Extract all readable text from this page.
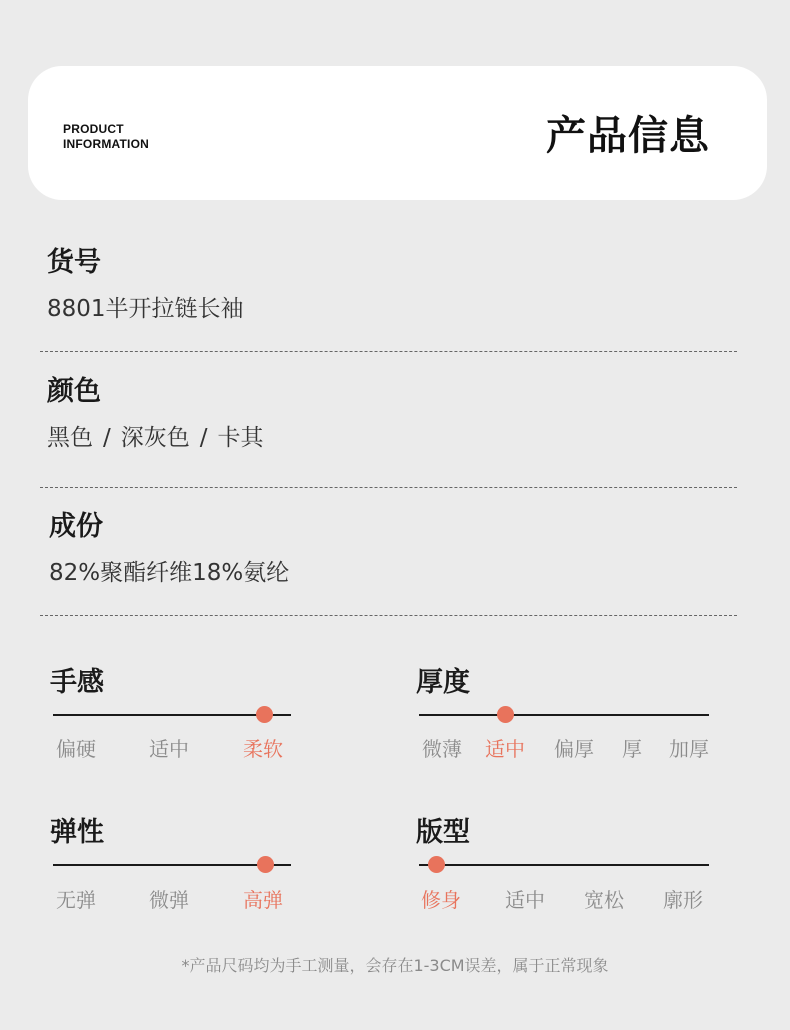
PRODUCT
INFORMATION	产品信息
货号
8801半开拉链长袖
颜色
黑色 / 深灰色 / 卡其
成份
82%聚酯纤维18%氨纶
手感
偏硬	适中	柔软
厚度
微薄 适中 偏厚 厚 加厚
弹性
无弹	微弹	高弹
版型
修身 适中 宽松 廓形
*产品尺码均为手工测量，会存在1-3CM误差，属于正常现象
